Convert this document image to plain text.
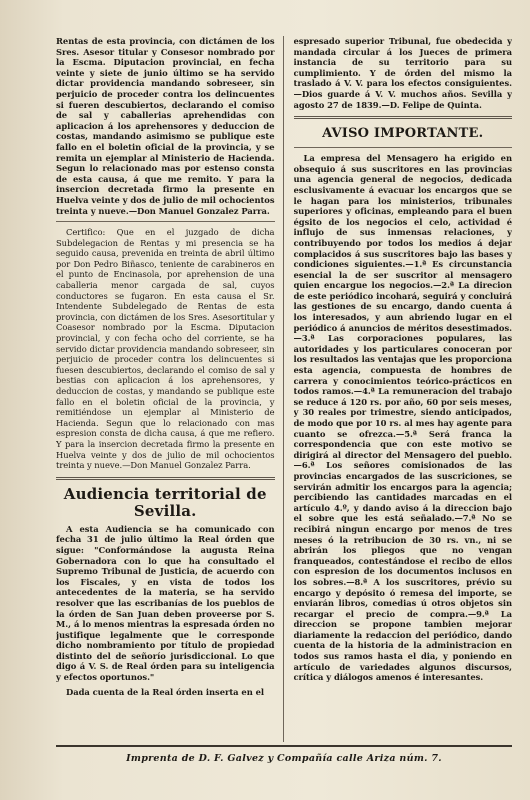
Rentas de esta provincia, con dictámen de los Sres. Asesor titular y Consesor nombrado por la Escma. Diputacion provincial, en fecha veinte y siete de junio último se ha servido dictar providencia mandando sobreseer, sin perjuicio de proceder contra los delincuentes si fueren descubiertos, declarando el comiso de sal y caballerias aprehendidas con aplicacion á los aprehensores y deduccion de costas, mandando asimismo se publique este fallo en el boletin oficial de la provincia, y se remita un ejemplar al Ministerio de Hacienda. Segun lo relacionado mas por estenso consta de esta causa, á que me remito. Y para la insercion decretada firmo la presente en Huelva veinte y dos de julio de mil ochocientos treinta y nueve.—Don Manuel Gonzalez Parra.

Certifico: Que en el juzgado de dicha Subdelegacion de Rentas y mi presencia se ha seguido causa, prevenida en treinta de abril último por Don Pedro Biñasco, teniente de carabineros en el punto de Encinasola, por aprehension de una caballeria menor cargada de sal, cuyos conductores se fugaron. En esta causa el Sr. Intendente Subdelegado de Rentas de esta provincia, con dictámen de los Sres. Asesortitular y Coasesor nombrado por la Escma. Diputacion provincial, y con fecha ocho del corriente, se ha servido dictar providencia mandando sobreseer, sin perjuicio de proceder contra los delincuentes si fuesen descubiertos, declarando el comiso de sal y bestias con aplicacion á los aprehensores, y deduccion de costas, y mandando se publique este fallo en el boletin oficial de la provincia, y remitiéndose un ejemplar al Ministerio de Hacienda. Segun que lo relacionado con mas espresion consta de dicha causa, á que me refiero. Y para la insercion decretada firmo la presente en Huelva veinte y dos de julio de mil ochocientos treinta y nueve.—Don Manuel Gonzalez Parra.

Audiencia territorial de Sevilla.

A esta Audiencia se ha comunicado con fecha 31 de julio último la Real órden que sigue: "Conformándose la augusta Reina Gobernadora con lo que ha consultado el Supremo Tribunal de Justicia, de acuerdo con los Fiscales, y en vista de todos los antecedentes de la materia, se ha servido resolver que las escribanías de los pueblos de la órden de San Juan deben proveerse por S. M., á lo menos mientras la espresada órden no justifique legalmente que le corresponde dicho nombramiento por título de propiedad distinto del de señorío jurisdiccional. Lo que digo á V. S. de Real órden para su inteligencia y efectos oportunos."

Dada cuenta de la Real órden inserta en el

espresado superior Tribunal, fue obedecida y mandada circular á los Jueces de primera instancia de su territorio para su cumplimiento. Y de órden del mismo la traslado á V. V. para los efectos consiguientes.—Dios guarde á V. V. muchos años. Sevilla y agosto 27 de 1839.—D. Felipe de Quinta.

AVISO IMPORTANTE.

La empresa del Mensagero ha erigido en obsequio á sus suscritores en las provincias una agencia general de negocios, dedicada esclusivamente á evacuar los encargos que se le hagan para los ministerios, tribunales superiores y oficinas, empleando para el buen égsito de los negocios el celo, actividad é influjo de sus inmensas relaciones, y contribuyendo por todos los medios á dejar complacidos á sus suscritores bajo las bases y condiciones siguientes.—1.ª Es circunstancia esencial la de ser suscritor al mensagero quien encargue los negocios.—2.ª La direcion de este periódico incohará, seguirá y concluirá las gestiones de su encargo, dando cuenta á los interesados, y aun abriendo lugar en el periódico á anuncios de méritos desestimados.—3.ª Las corporaciones populares, las autoridades y los particulares conoceran por los resultados las ventajas que les proporciona esta agencia, compuesta de hombres de carrera y conocimientos teórico-prácticos en todos ramos.—4.ª La remuneracion del trabajo se reduce á 120 rs. por año, 60 por seis meses, y 30 reales por trimestre, siendo anticipados, de modo que por 10 rs. al mes hay agente para cuanto se ofrezca.—5.ª Será franca la correspondencia que con este motivo se dirigirá al director del Mensagero del pueblo.—6.ª Los señores comisionados de las provincias encargados de las suscriciones, se servirán admitir los encargos para la agencia; percibiendo las cantidades marcadas en el artículo 4.º, y dando aviso á la direccion bajo el sobre que les está señalado.—7.ª No se recibirá ningun encargo por menos de tres meses ó la retribucion de 30 rs. vn., ni se abrirán los pliegos que no vengan franqueados, contestándose el recibo de ellos con espresion de los documentos inclusos en los sobres.—8.ª A los suscritores, prévio su encargo y depósito ó remesa del importe, se enviarán libros, comedias ú otros objetos sin recargar el precio de compra.—9.ª La direccion se propone tambien mejorar diariamente la redaccion del periódico, dando cuenta de la historia de la administracion en todos sus ramos hasta el dia, y poniendo en artículo de variedades algunos discursos, crítica y diálogos amenos é interesantes.

Imprenta de D. F. Galvez y Compañía calle Ariza núm. 7.
